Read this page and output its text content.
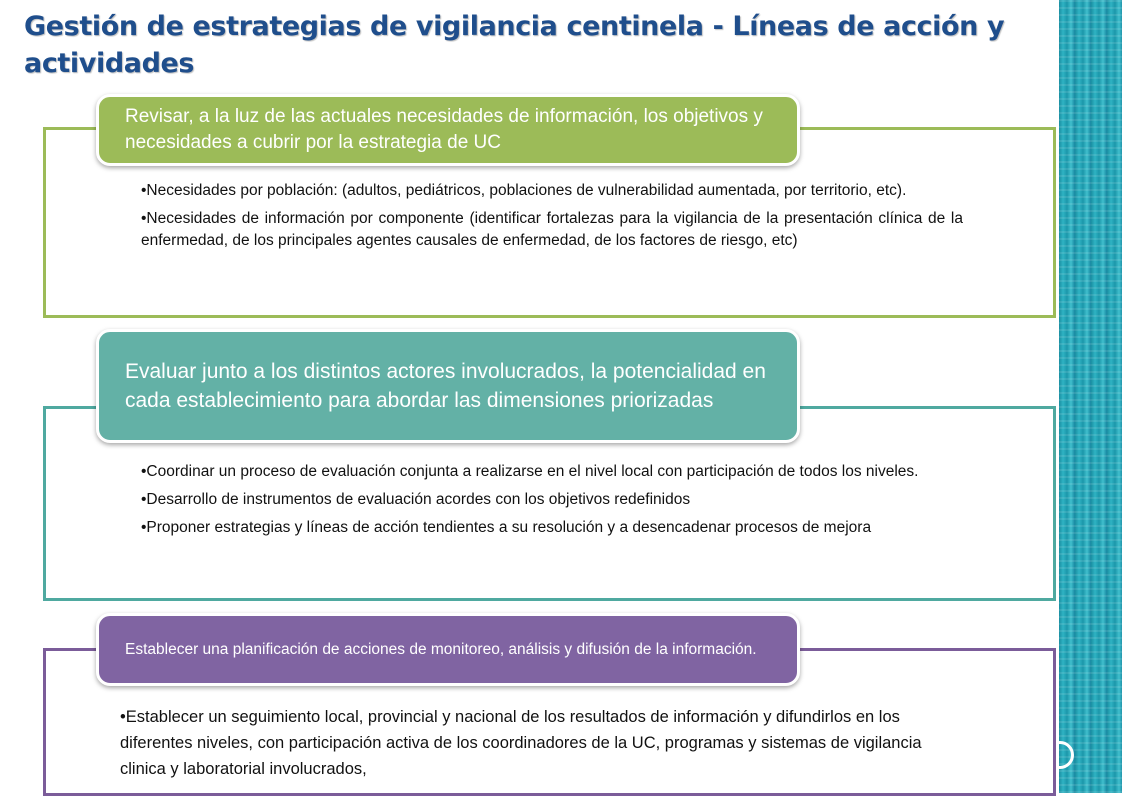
Gestión de estrategias de vigilancia centinela - Líneas de acción y actividades

•Necesidades por población: (adultos, pediátricos, poblaciones de vulnerabilidad aumentada, por territorio, etc).

•Necesidades de información por componente (identificar fortalezas para la vigilancia de la presentación clínica de la enfermedad, de los principales agentes causales de enfermedad, de los factores de riesgo, etc)

Revisar, a la luz de las actuales necesidades de información, los objetivos y necesidades a cubrir por la estrategia de UC

•Coordinar un proceso de evaluación conjunta a realizarse en el nivel local con participación de todos los niveles.

•Desarrollo de instrumentos de evaluación acordes con los objetivos redefinidos

•Proponer estrategias y líneas de acción tendientes a su resolución y a desencadenar procesos de mejora

Evaluar junto a los distintos actores involucrados, la potencialidad en cada establecimiento para abordar las dimensiones priorizadas

•Establecer un seguimiento local, provincial y nacional de los resultados de información y difundirlos en los diferentes niveles, con participación activa de los coordinadores de la UC, programas y sistemas de vigilancia clinica y laboratorial involucrados,

Establecer una planificación de acciones de monitoreo, análisis y difusión de la información.
